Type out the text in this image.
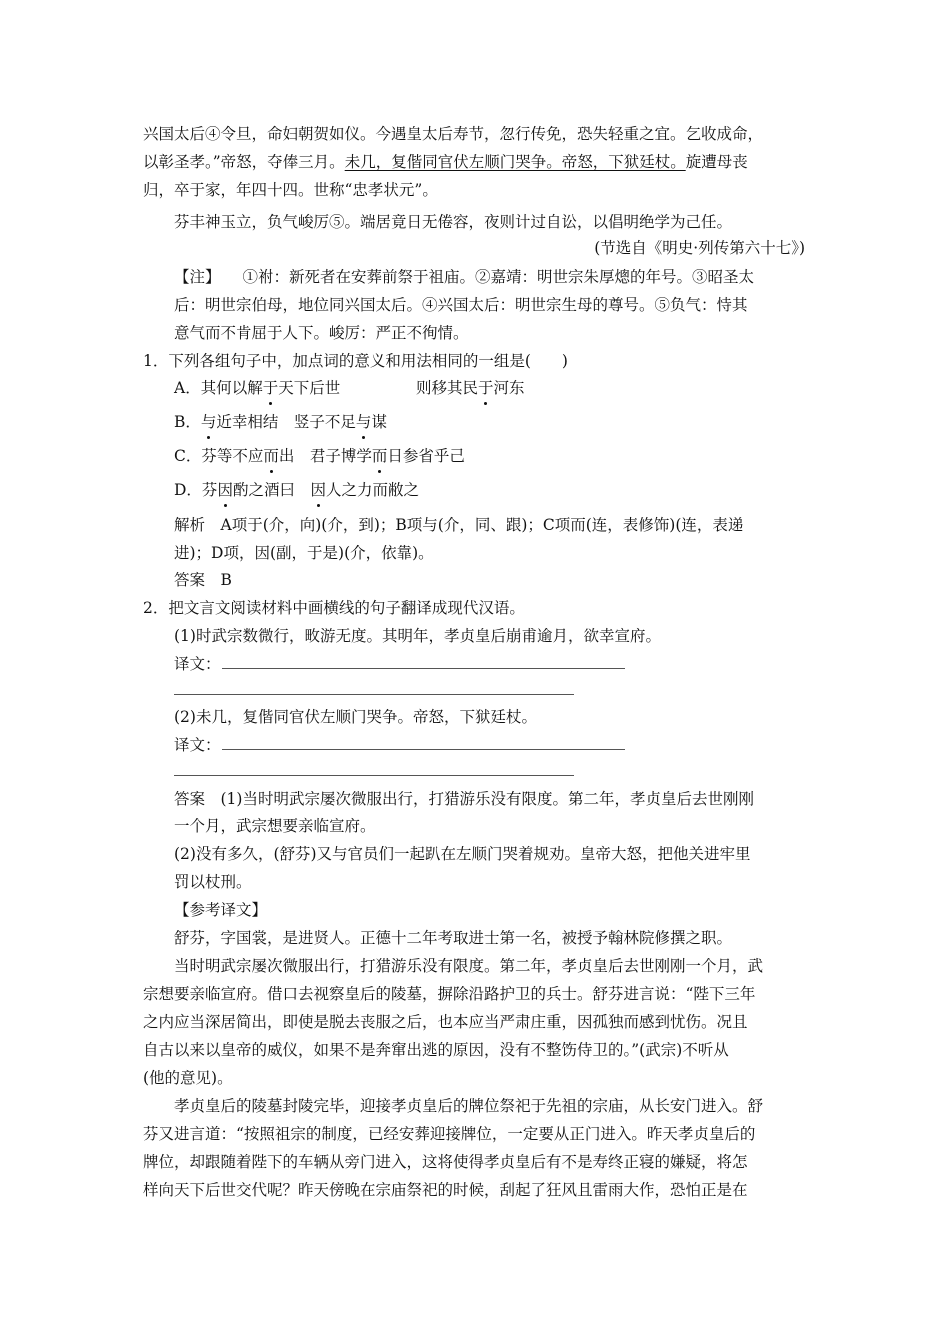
兴国太后④令旦，命妇朝贺如仪。今遇皇太后寿节，忽行传免，恐失轻重之宜。乞收成命，
以彰圣孝。”帝怒，夺俸三月。未几，复偕同官伏左顺门哭争。帝怒，下狱廷杖。旋遭母丧
归，卒于家，年四十四。世称“忠孝状元”。
芬丰神玉立，负气峻厉⑤。端居竟日无倦容，夜则计过自讼，以倡明绝学为己任。
(节选自《明史·列传第六十七》)
【注】 ①祔：新死者在安葬前祭于祖庙。②嘉靖：明世宗朱厚熜的年号。③昭圣太
后：明世宗伯母，地位同兴国太后。④兴国太后：明世宗生母的尊号。⑤负气：恃其
意气而不肯屈于人下。峻厉：严正不徇情。
1．下列各组句子中，加点词的意义和用法相同的一组是(　　)
A．其何以解于天下后世	则移其民于河东
B．与近幸相结　竖子不足与谋
C．芬等不应而出　君子博学而日参省乎己
D．芬因酌之酒曰　因人之力而敝之
解析　A项于(介，向)(介，到)；B项与(介，同、跟)；C项而(连，表修饰)(连，表递
进)；D项，因(副，于是)(介，依靠)。
答案　B
2．把文言文阅读材料中画横线的句子翻译成现代汉语。
(1)时武宗数微行，畋游无度。其明年，孝贞皇后崩甫逾月，欲幸宣府。
译文：
(2)未几，复偕同官伏左顺门哭争。帝怒，下狱廷杖。
译文：
答案　(1)当时明武宗屡次微服出行，打猎游乐没有限度。第二年，孝贞皇后去世刚刚
一个月，武宗想要亲临宣府。
(2)没有多久，(舒芬)又与官员们一起趴在左顺门哭着规劝。皇帝大怒，把他关进牢里
罚以杖刑。
【参考译文】
舒芬，字国裳，是进贤人。正德十二年考取进士第一名，被授予翰林院修撰之职。
当时明武宗屡次微服出行，打猎游乐没有限度。第二年，孝贞皇后去世刚刚一个月，武
宗想要亲临宣府。借口去视察皇后的陵墓，摒除沿路护卫的兵士。舒芬进言说：“陛下三年
之内应当深居简出，即使是脱去丧服之后，也本应当严肃庄重，因孤独而感到忧伤。况且
自古以来以皇帝的威仪，如果不是奔窜出逃的原因，没有不整饬侍卫的。”(武宗)不听从
(他的意见)。
孝贞皇后的陵墓封陵完毕，迎接孝贞皇后的牌位祭祀于先祖的宗庙，从长安门进入。舒
芬又进言道：“按照祖宗的制度，已经安葬迎接牌位，一定要从正门进入。昨天孝贞皇后的
牌位，却跟随着陛下的车辆从旁门进入，这将使得孝贞皇后有不是寿终正寝的嫌疑，将怎
样向天下后世交代呢？昨天傍晚在宗庙祭祀的时候，刮起了狂风且雷雨大作，恐怕正是在
